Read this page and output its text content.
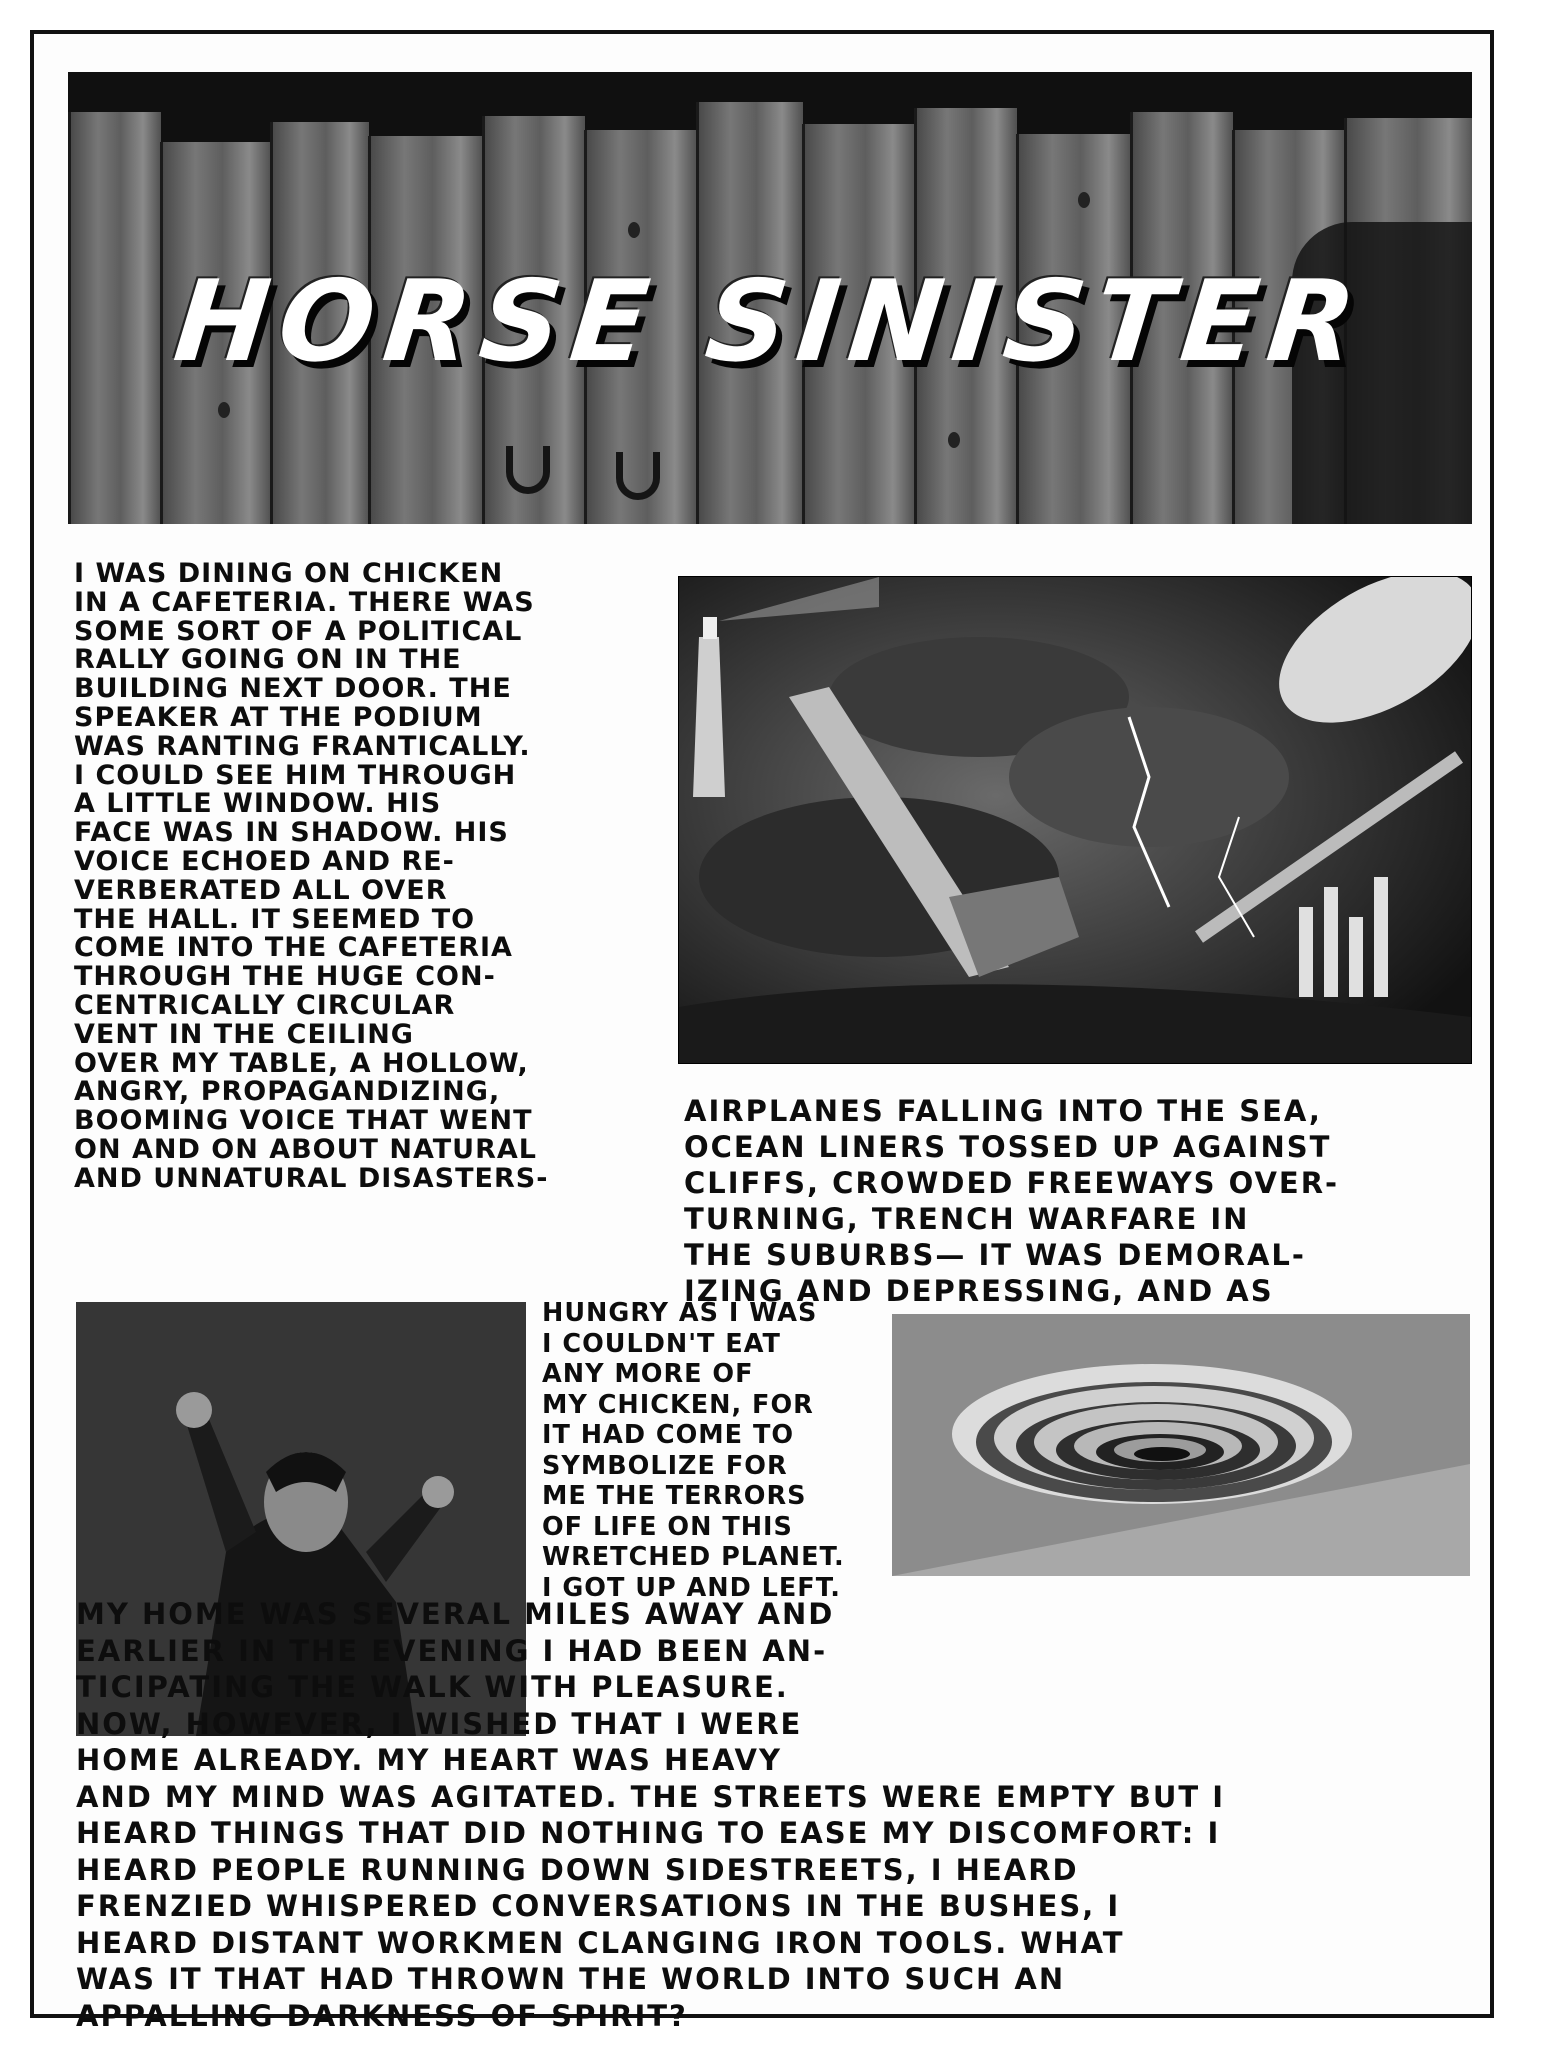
HORSE SINISTER

I WAS DINING ON CHICKEN
IN A CAFETERIA. THERE WAS
SOME SORT OF A POLITICAL
RALLY GOING ON IN THE
BUILDING NEXT DOOR. THE
SPEAKER AT THE PODIUM
WAS RANTING FRANTICALLY.
I COULD SEE HIM THROUGH
A LITTLE WINDOW. HIS
FACE WAS IN SHADOW. HIS
VOICE ECHOED AND RE-
VERBERATED ALL OVER
THE HALL. IT SEEMED TO
COME INTO THE CAFETERIA
THROUGH THE HUGE CON-
CENTRICALLY CIRCULAR
VENT IN THE CEILING
OVER MY TABLE, A HOLLOW,
ANGRY, PROPAGANDIZING,
BOOMING VOICE THAT WENT
ON AND ON ABOUT NATURAL
AND UNNATURAL DISASTERS-

AIRPLANES FALLING INTO THE SEA,
OCEAN LINERS TOSSED UP AGAINST
CLIFFS, CROWDED FREEWAYS OVER-
TURNING, TRENCH WARFARE IN
THE SUBURBS— IT WAS DEMORAL-
IZING AND DEPRESSING, AND AS

HUNGRY AS I WAS
I COULDN'T EAT
ANY MORE OF
MY CHICKEN, FOR
IT HAD COME TO
SYMBOLIZE FOR
ME THE TERRORS
OF LIFE ON THIS
WRETCHED PLANET.
I GOT UP AND LEFT.

MY HOME WAS SEVERAL MILES AWAY AND
EARLIER IN THE EVENING I HAD BEEN AN-
TICIPATING THE WALK WITH PLEASURE.
NOW, HOWEVER, I WISHED THAT I WERE
HOME ALREADY. MY HEART WAS HEAVY
AND MY MIND WAS AGITATED. THE STREETS WERE EMPTY BUT I
HEARD THINGS THAT DID NOTHING TO EASE MY DISCOMFORT: I
HEARD PEOPLE RUNNING DOWN SIDESTREETS, I HEARD
FRENZIED WHISPERED CONVERSATIONS IN THE BUSHES, I
HEARD DISTANT WORKMEN CLANGING IRON TOOLS. WHAT
WAS IT THAT HAD THROWN THE WORLD INTO SUCH AN
APPALLING DARKNESS OF SPIRIT?
